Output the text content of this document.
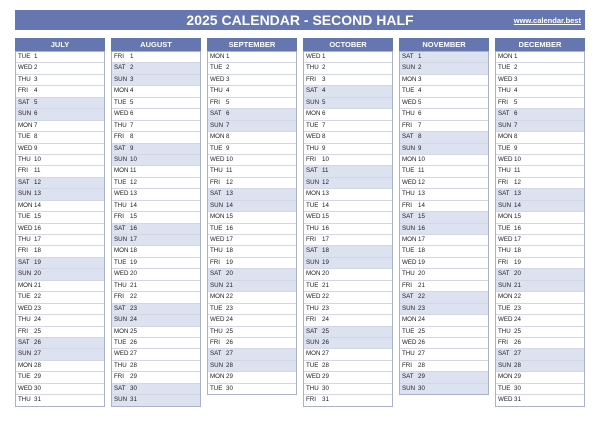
2025 CALENDAR - SECOND HALF	www.calendar.best
JULY
TUE 1
WED 2
THU 3
FRI 4
SAT 5
SUN 6
MON 7
TUE 8
WED 9
THU 10
FRI 11
SAT 12
SUN 13
MON 14
TUE 15
WED 16
THU 17
FRI 18
SAT 19
SUN 20
MON 21
TUE 22
WED 23
THU 24
FRI 25
SAT 26
SUN 27
MON 28
TUE 29
WED 30
THU 31
AUGUST
FRI 1
SAT 2
SUN 3
MON 4
TUE 5
WED 6
THU 7
FRI 8
SAT 9
SUN 10
MON 11
TUE 12
WED 13
THU 14
FRI 15
SAT 16
SUN 17
MON 18
TUE 19
WED 20
THU 21
FRI 22
SAT 23
SUN 24
MON 25
TUE 26
WED 27
THU 28
FRI 29
SAT 30
SUN 31
SEPTEMBER
MON 1
TUE 2
WED 3
THU 4
FRI 5
SAT 6
SUN 7
MON 8
TUE 9
WED 10
THU 11
FRI 12
SAT 13
SUN 14
MON 15
TUE 16
WED 17
THU 18
FRI 19
SAT 20
SUN 21
MON 22
TUE 23
WED 24
THU 25
FRI 26
SAT 27
SUN 28
MON 29
TUE 30
OCTOBER
WED 1
THU 2
FRI 3
SAT 4
SUN 5
MON 6
TUE 7
WED 8
THU 9
FRI 10
SAT 11
SUN 12
MON 13
TUE 14
WED 15
THU 16
FRI 17
SAT 18
SUN 19
MON 20
TUE 21
WED 22
THU 23
FRI 24
SAT 25
SUN 26
MON 27
TUE 28
WED 29
THU 30
FRI 31
NOVEMBER
SAT 1
SUN 2
MON 3
TUE 4
WED 5
THU 6
FRI 7
SAT 8
SUN 9
MON 10
TUE 11
WED 12
THU 13
FRI 14
SAT 15
SUN 16
MON 17
TUE 18
WED 19
THU 20
FRI 21
SAT 22
SUN 23
MON 24
TUE 25
WED 26
THU 27
FRI 28
SAT 29
SUN 30
DECEMBER
MON 1
TUE 2
WED 3
THU 4
FRI 5
SAT 6
SUN 7
MON 8
TUE 9
WED 10
THU 11
FRI 12
SAT 13
SUN 14
MON 15
TUE 16
WED 17
THU 18
FRI 19
SAT 20
SUN 21
MON 22
TUE 23
WED 24
THU 25
FRI 26
SAT 27
SUN 28
MON 29
TUE 30
WED 31
